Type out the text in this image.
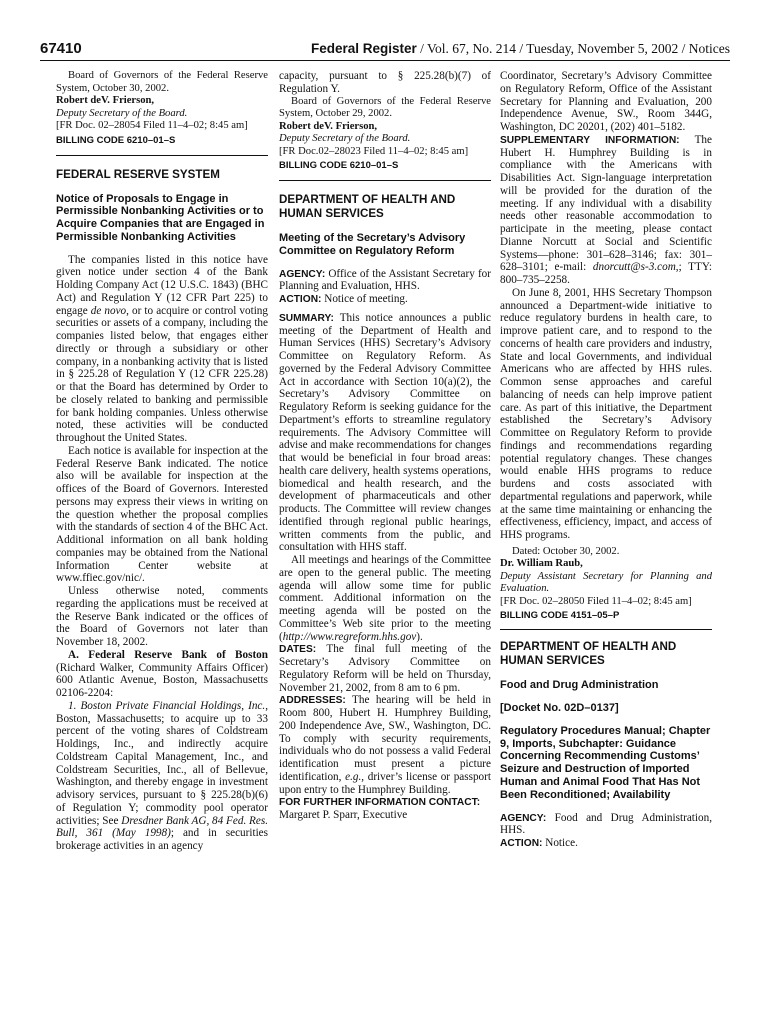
67410	Federal Register / Vol. 67, No. 214 / Tuesday, November 5, 2002 / Notices

Board of Governors of the Federal Reserve System, October 30, 2002.

Robert deV. Frierson,

Deputy Secretary of the Board.

[FR Doc. 02–28054 Filed 11–4–02; 8:45 am]

BILLING CODE 6210–01–S
FEDERAL RESERVE SYSTEM
Notice of Proposals to Engage in Permissible Nonbanking Activities or to Acquire Companies that are Engaged in Permissible Nonbanking Activities

The companies listed in this notice have given notice under section 4 of the Bank Holding Company Act (12 U.S.C. 1843) (BHC Act) and Regulation Y (12 CFR Part 225) to engage de novo, or to acquire or control voting securities or assets of a company, including the companies listed below, that engages either directly or through a subsidiary or other company, in a nonbanking activity that is listed in § 225.28 of Regulation Y (12 CFR 225.28) or that the Board has determined by Order to be closely related to banking and permissible for bank holding companies. Unless otherwise noted, these activities will be conducted throughout the United States.

Each notice is available for inspection at the Federal Reserve Bank indicated. The notice also will be available for inspection at the offices of the Board of Governors. Interested persons may express their views in writing on the question whether the proposal complies with the standards of section 4 of the BHC Act. Additional information on all bank holding companies may be obtained from the National Information Center website at www.ffiec.gov/nic/.

Unless otherwise noted, comments regarding the applications must be received at the Reserve Bank indicated or the offices of the Board of Governors not later than November 18, 2002.

A. Federal Reserve Bank of Boston (Richard Walker, Community Affairs Officer) 600 Atlantic Avenue, Boston, Massachusetts 02106-2204:

1. Boston Private Financial Holdings, Inc., Boston, Massachusetts; to acquire up to 33 percent of the voting shares of Coldstream Holdings, Inc., and indirectly acquire Coldstream Capital Management, Inc., and Coldstream Securities, Inc., all of Bellevue, Washington, and thereby engage in investment advisory services, pursuant to § 225.28(b)(6) of Regulation Y; commodity pool operator activities; See Dresdner Bank AG, 84 Fed. Res. Bull, 361 (May 1998); and in securities brokerage activities in an agency

capacity, pursuant to § 225.28(b)(7) of Regulation Y.

Board of Governors of the Federal Reserve System, October 29, 2002.

Robert deV. Frierson,

Deputy Secretary of the Board.

[FR Doc.02–28023 Filed 11–4–02; 8:45 am]

BILLING CODE 6210–01–S
DEPARTMENT OF HEALTH AND HUMAN SERVICES
Meeting of the Secretary’s Advisory Committee on Regulatory Reform

AGENCY: Office of the Assistant Secretary for Planning and Evaluation, HHS.

ACTION: Notice of meeting.

SUMMARY: This notice announces a public meeting of the Department of Health and Human Services (HHS) Secretary’s Advisory Committee on Regulatory Reform. As governed by the Federal Advisory Committee Act in accordance with Section 10(a)(2), the Secretary’s Advisory Committee on Regulatory Reform is seeking guidance for the Department’s efforts to streamline regulatory requirements. The Advisory Committee will advise and make recommendations for changes that would be beneficial in four broad areas: health care delivery, health systems operations, biomedical and health research, and the development of pharmaceuticals and other products. The Committee will review changes identified through regional public hearings, written comments from the public, and consultation with HHS staff.

All meetings and hearings of the Committee are open to the general public. The meeting agenda will allow some time for public comment. Additional information on the meeting agenda will be posted on the Committee’s Web site prior to the meeting (http://www.regreform.hhs.gov).

DATES: The final full meeting of the Secretary’s Advisory Committee on Regulatory Reform will be held on Thursday, November 21, 2002, from 8 am to 6 pm.

ADDRESSES: The hearing will be held in Room 800, Hubert H. Humphrey Building, 200 Independence Ave, SW., Washington, DC. To comply with security requirements, individuals who do not possess a valid Federal identification must present a picture identification, e.g., driver’s license or passport upon entry to the Humphrey Building.

FOR FURTHER INFORMATION CONTACT:

Margaret P. Sparr, Executive

Coordinator, Secretary’s Advisory Committee on Regulatory Reform, Office of the Assistant Secretary for Planning and Evaluation, 200 Independence Avenue, SW., Room 344G, Washington, DC 20201, (202) 401–5182.

SUPPLEMENTARY INFORMATION: The Hubert H. Humphrey Building is in compliance with the Americans with Disabilities Act. Sign-language interpretation will be provided for the duration of the meeting. If any individual with a disability needs other reasonable accommodation to participate in the meeting, please contact Dianne Norcutt at Social and Scientific Systems—phone: 301–628–3146; fax: 301–628–3101; e-mail: dnorcutt@s-3.com,; TTY: 800–735–2258.

On June 8, 2001, HHS Secretary Thompson announced a Department-wide initiative to reduce regulatory burdens in health care, to improve patient care, and to respond to the concerns of health care providers and industry, State and local Governments, and individual Americans who are affected by HHS rules. Common sense approaches and careful balancing of needs can help improve patient care. As part of this initiative, the Department established the Secretary’s Advisory Committee on Regulatory Reform to provide findings and recommendations regarding potential regulatory changes. These changes would enable HHS programs to reduce burdens and costs associated with departmental regulations and paperwork, while at the same time maintaining or enhancing the effectiveness, efficiency, impact, and access of HHS programs.

Dated: October 30, 2002.

Dr. William Raub,

Deputy Assistant Secretary for Planning and Evaluation.

[FR Doc. 02–28050 Filed 11–4–02; 8:45 am]

BILLING CODE 4151–05–P
DEPARTMENT OF HEALTH AND HUMAN SERVICES
Food and Drug Administration
[Docket No. 02D–0137]
Regulatory Procedures Manual; Chapter 9, Imports, Subchapter: Guidance Concerning Recommending Customs’ Seizure and Destruction of Imported Human and Animal Food That Has Not Been Reconditioned; Availability

AGENCY: Food and Drug Administration, HHS.

ACTION: Notice.
